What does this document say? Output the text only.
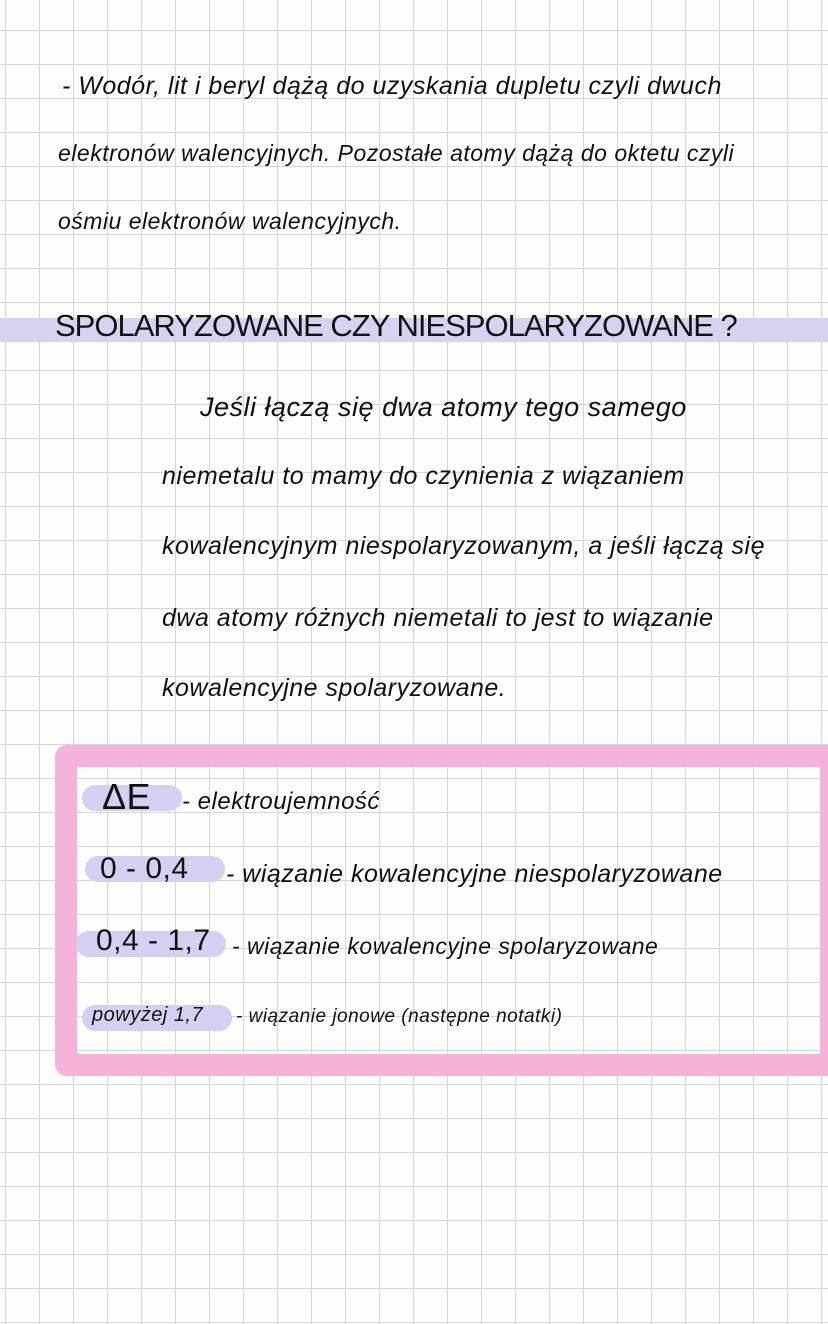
- Wodór, lit i beryl dążą do uzyskania dupletu czyli dwuch
elektronów walencyjnych. Pozostałe atomy dążą do oktetu czyli
ośmiu elektronów walencyjnych.
SPOLARYZOWANE CZY NIESPOLARYZOWANE ?
Jeśli łączą się dwa atomy tego samego
niemetalu to mamy do czynienia z wiązaniem
kowalencyjnym niespolaryzowanym, a jeśli łączą się
dwa atomy różnych niemetali to jest to wiązanie
kowalencyjne spolaryzowane.
ΔE - elektroujemność
0 - 0,4 - wiązanie kowalencyjne niespolaryzowane
0,4 - 1,7 - wiązanie kowalencyjne spolaryzowane
powyżej 1,7 - wiązanie jonowe (następne notatki)
